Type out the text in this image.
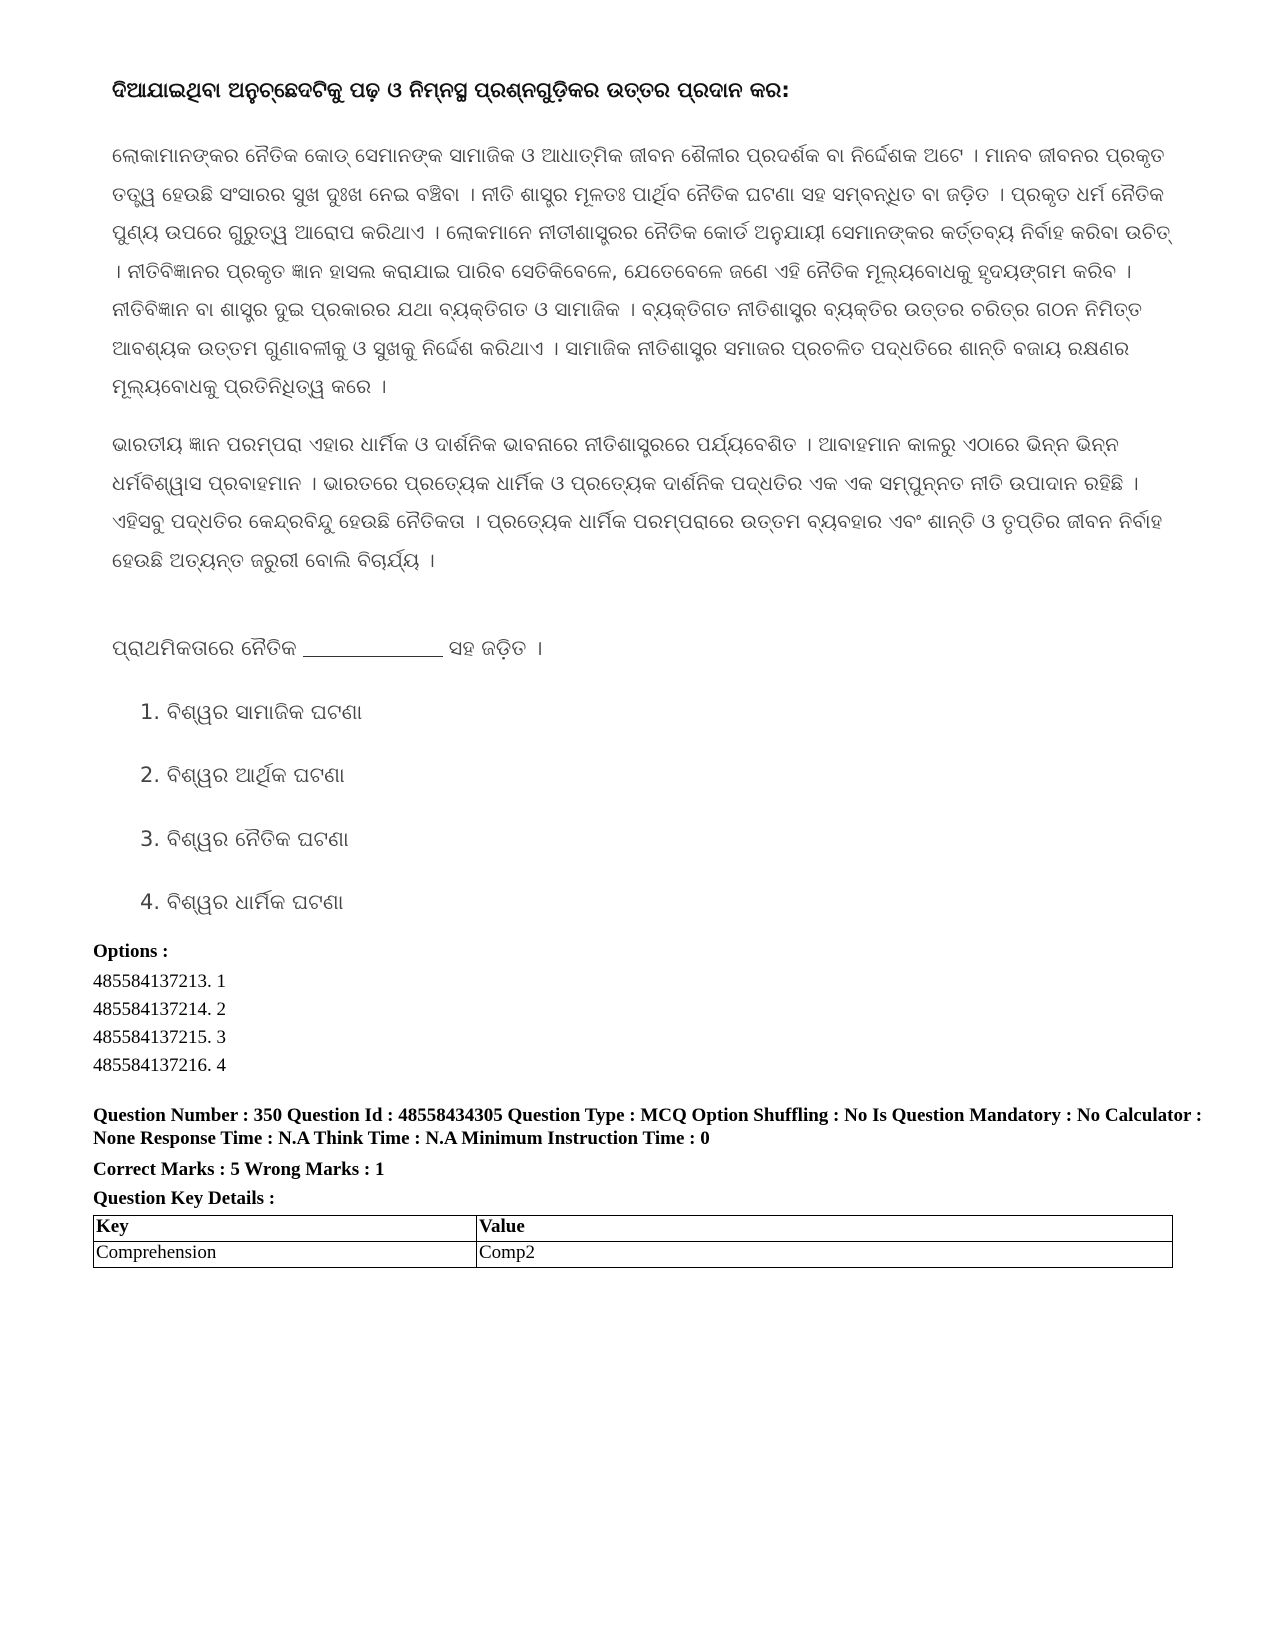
ଦିଆଯାଇଥିବା ଅନୁଚ୍ଛେଦଟିକୁ ପଢ଼ ଓ ନିମ୍ନସ୍ଥ ପ୍ରଶ୍ନଗୁଡ଼ିକର ଉତ୍ତର ପ୍ରଦାନ କର:

ଲୋକାମାନଙ୍କର ନୈତିକ କୋଡ୍ ସେମାନଙ୍କ ସାମାଜିକ ଓ ଆଧାତ୍ମିକ ଜୀବନ ଶୈଳୀର ପ୍ରଦର୍ଶକ ବା ନିର୍ଦ୍ଦେଶକ ଅଟେ । ମାନବ ଜୀବନର ପ୍ରକୃତ ତତ୍ତ୍ୱ ହେଉଛି ସଂସାରର ସୁଖ ଦୁଃଖ ନେଇ ବଞ୍ଚିବା । ନୀତି ଶାସ୍ତ୍ର ମୂଳତଃ ପାର୍ଥିବ ନୈତିକ ଘଟଣା ସହ ସମ୍ବନ୍ଧିତ ବା ଜଡ଼ିତ । ପ୍ରକୃତ ଧର୍ମ ନୈତିକ ପୁଣ୍ୟ ଉପରେ ଗୁରୁତ୍ୱ ଆରୋପ କରିଥାଏ । ଲୋକମାନେ ନୀତୀଶାସ୍ତ୍ରର ନୈତିକ କୋର୍ଡ ଅନୁଯାୟୀ ସେମାନଙ୍କର କର୍ତ୍ତବ୍ୟ ନିର୍ବାହ କରିବା ଉଚିତ୍ । ନୀତିବିଜ୍ଞାନର ପ୍ରକୃତ ଜ୍ଞାନ ହାସଲ କରାଯାଇ ପାରିବ ସେତିକିବେଳେ, ଯେତେବେଳେ ଜଣେ ଏହି ନୈତିକ ମୂଲ୍ୟବୋଧକୁ ହୃଦୟଙ୍ଗମ କରିବ । ନୀତିବିଜ୍ଞାନ ବା ଶାସ୍ତ୍ର ଦୁଇ ପ୍ରକାରର ଯଥା ବ୍ୟକ୍ତିଗତ ଓ ସାମାଜିକ । ବ୍ୟକ୍ତିଗତ ନୀତିଶାସ୍ତ୍ର ବ୍ୟକ୍ତିର ଉତ୍ତର ଚରିତ୍ର ଗଠନ ନିମିତ୍ତ ଆବଶ୍ୟକ ଉତ୍ତମ ଗୁଣାବଳୀକୁ ଓ ସୁଖକୁ ନିର୍ଦ୍ଦେଶ କରିଥାଏ । ସାମାଜିକ ନୀତିଶାସ୍ତ୍ର ସମାଜର ପ୍ରଚଳିତ ପଦ୍ଧତିରେ ଶାନ୍ତି ବଜାୟ ରକ୍ଷଣର ମୂଲ୍ୟବୋଧକୁ ପ୍ରତିନିଧିତ୍ୱ କରେ ।

ଭାରତୀୟ ଜ୍ଞାନ ପରମ୍ପରା ଏହାର ଧାର୍ମିକ ଓ ଦାର୍ଶନିକ ଭାବନାରେ ନୀତିଶାସ୍ତ୍ରରେ ପର୍ଯ୍ୟବେଶିତ । ଆବାହମାନ କାଳରୁ ଏଠାରେ ଭିନ୍ନ ଭିନ୍ନ ଧର୍ମବିଶ୍ୱାସ ପ୍ରବାହମାନ । ଭାରତରେ ପ୍ରତ୍ୟେକ ଧାର୍ମିକ ଓ ପ୍ରତ୍ୟେକ ଦାର୍ଶନିକ ପଦ୍ଧତିର ଏକ ଏକ ସମ୍ପୁନ୍ନତ ନୀତି ଉପାଦାନ ରହିଛି । ଏହିସବୁ ପଦ୍ଧତିର କେନ୍ଦ୍ରବିନ୍ଦୁ ହେଉଛି ନୈତିକତା । ପ୍ରତ୍ୟେକ ଧାର୍ମିକ ପରମ୍ପରାରେ ଉତ୍ତମ ବ୍ୟବହାର ଏବଂ ଶାନ୍ତି ଓ ତୃପ୍ତିର ଜୀବନ ନିର୍ବାହ ହେଉଛି ଅତ୍ୟନ୍ତ ଜରୁରୀ ବୋଲି ବିଚାର୍ଯ୍ୟ ।

ପ୍ରାଥମିକତାରେ ନୈତିକ	ସହ ଜଡ଼ିତ ।

1. ବିଶ୍ୱର ସାମାଜିକ ଘଟଣା

2. ବିଶ୍ୱର ଆର୍ଥିକ ଘଟଣା

3. ବିଶ୍ୱର ନୈତିକ ଘଟଣା

4. ବିଶ୍ୱର ଧାର୍ମିକ ଘଟଣା

Options :
485584137213. 1
485584137214. 2
485584137215. 3
485584137216. 4
Question Number : 350 Question Id : 48558434305 Question Type : MCQ Option Shuffling : No Is Question Mandatory : No Calculator : None Response Time : N.A Think Time : N.A Minimum Instruction Time : 0
Correct Marks : 5 Wrong Marks : 1
Question Key Details :
Key	Value
Comprehension	Comp2
